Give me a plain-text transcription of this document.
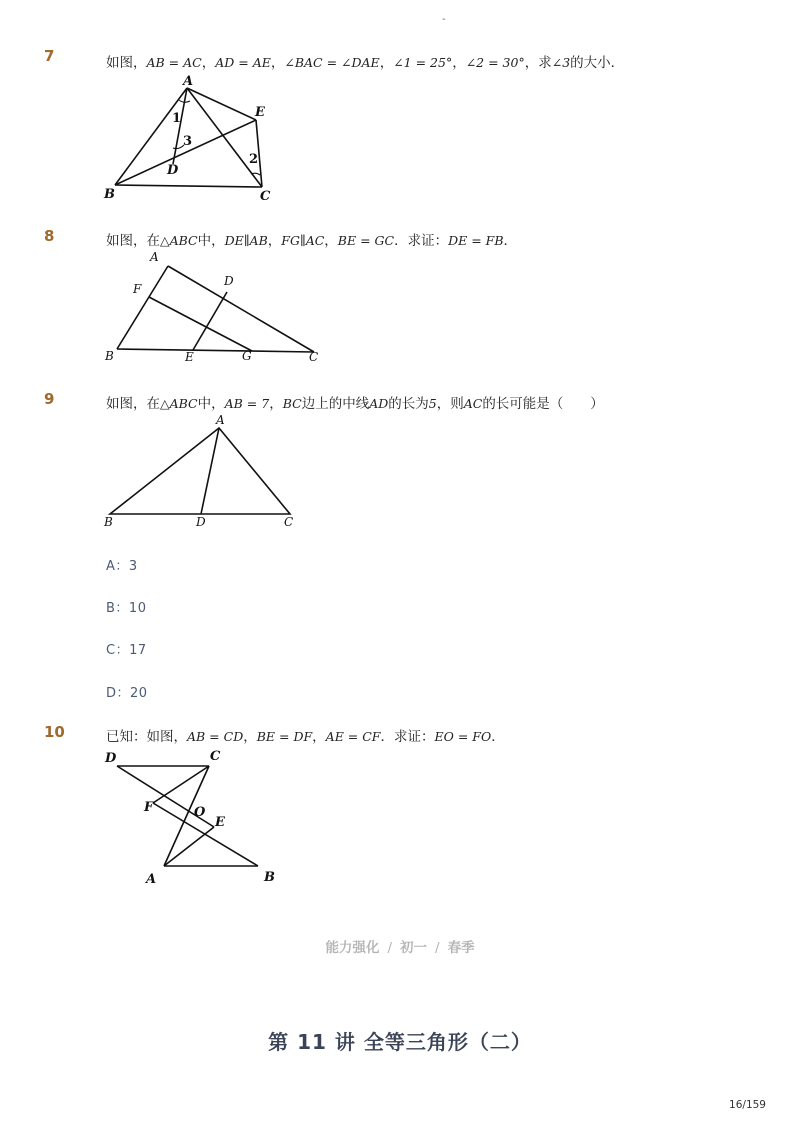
-
7	如图，AB = AC，AD = AE，∠BAC = ∠DAE，∠1 = 25°，∠2 = 30°，求∠3的大小．
A
B	C
D
E
1
2
3
8	如图，在△ABC中，DE∥AB，FG∥AC，BE = GC．求证：DE = FB．
A
B	C
D
E
F
G
9	如图，在△ABC中，AB = 7，BC边上的中线AD的长为5，则AC的长可能是（　　）
A
B	C
D
A：3
B：10
C：17
D：20
10	已知：如图，AB = CD，BE = DF，AE = CF．求证：EO = FO．
A	B
C
D
E
F	O
能力强化 / 初一 / 春季
第 11 讲 全等三角形（二）
16/159
